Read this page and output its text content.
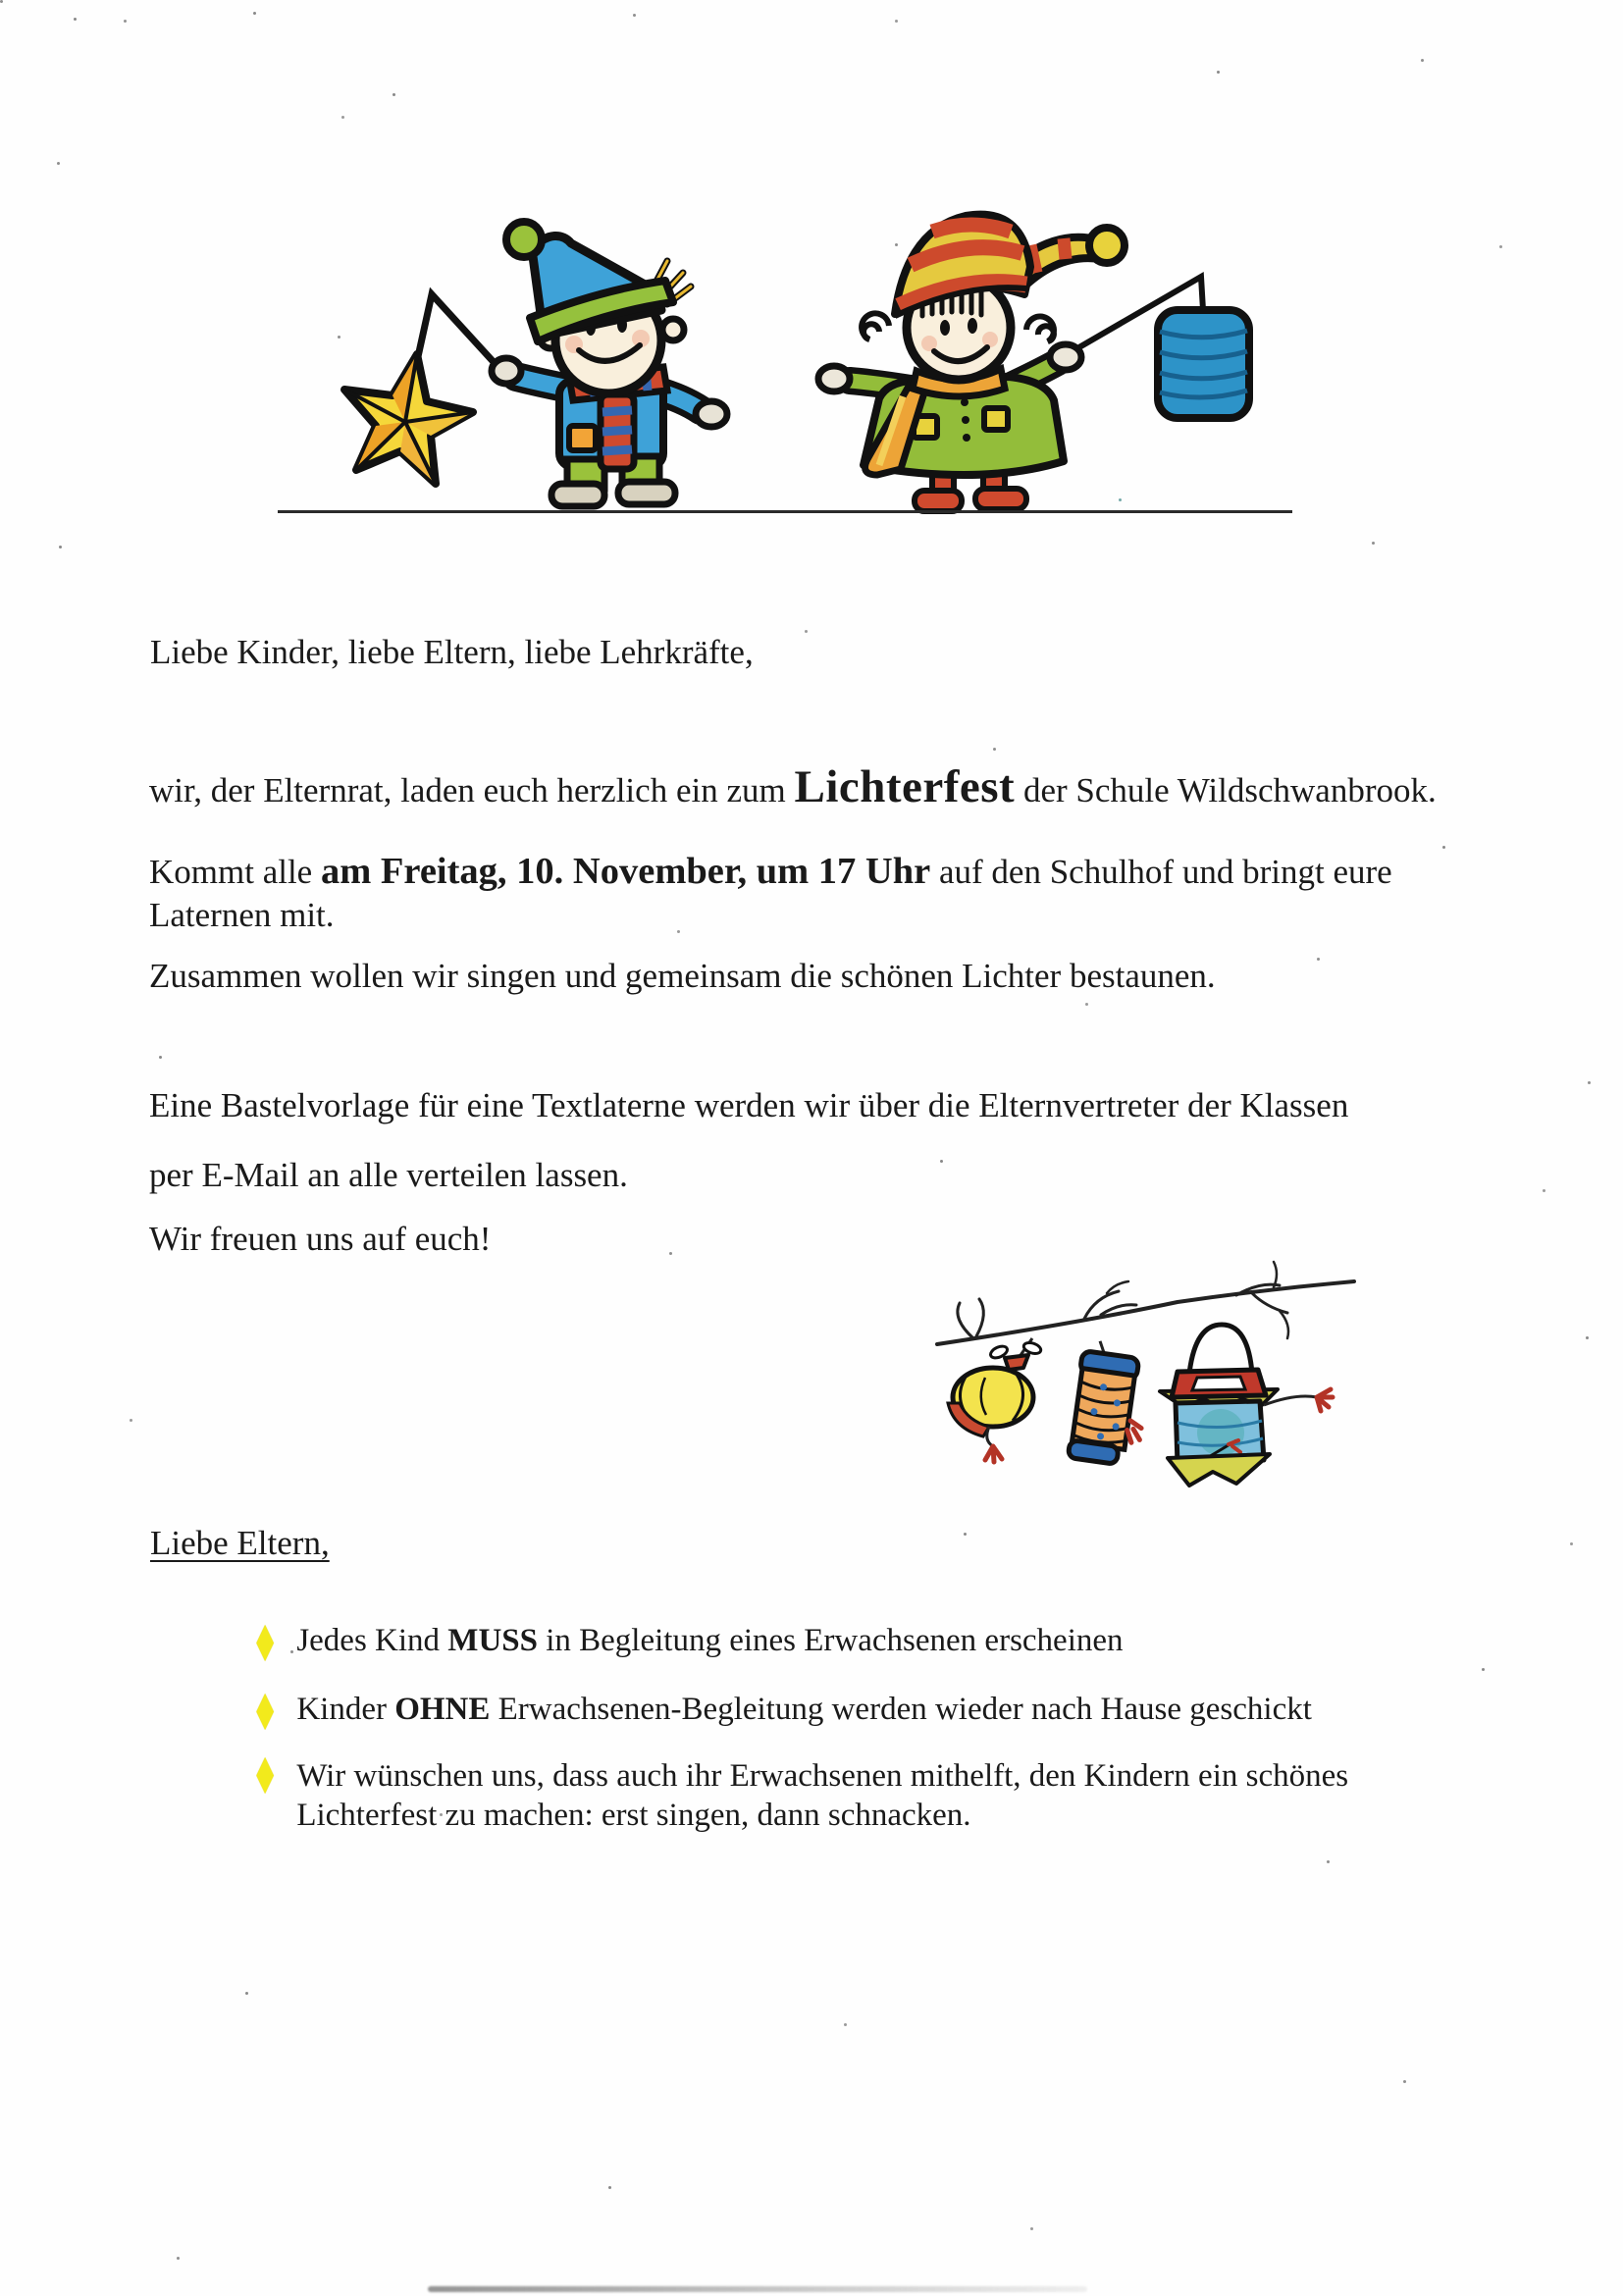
Liebe Kinder, liebe Eltern, liebe Lehrkräfte,

wir, der Elternrat, laden euch herzlich ein zum Lichterfest der Schule Wildschwanbrook.

Kommt alle am Freitag, 10. November, um 17 Uhr auf den Schulhof und bringt eure
Laternen mit.

Zusammen wollen wir singen und gemeinsam die schönen Lichter bestaunen.

Eine Bastelvorlage für eine Textlaterne werden wir über die Elternvertreter der Klassen

per E-Mail an alle verteilen lassen.

Wir freuen uns auf euch!

Liebe Eltern,

◆ Jedes Kind MUSS in Begleitung eines Erwachsenen erscheinen
◆ Kinder OHNE Erwachsenen-Begleitung werden wieder nach Hause geschickt
◆ Wir wünschen uns, dass auch ihr Erwachsenen mithelft, den Kindern ein schönes Lichterfest zu machen: erst singen, dann schnacken.
